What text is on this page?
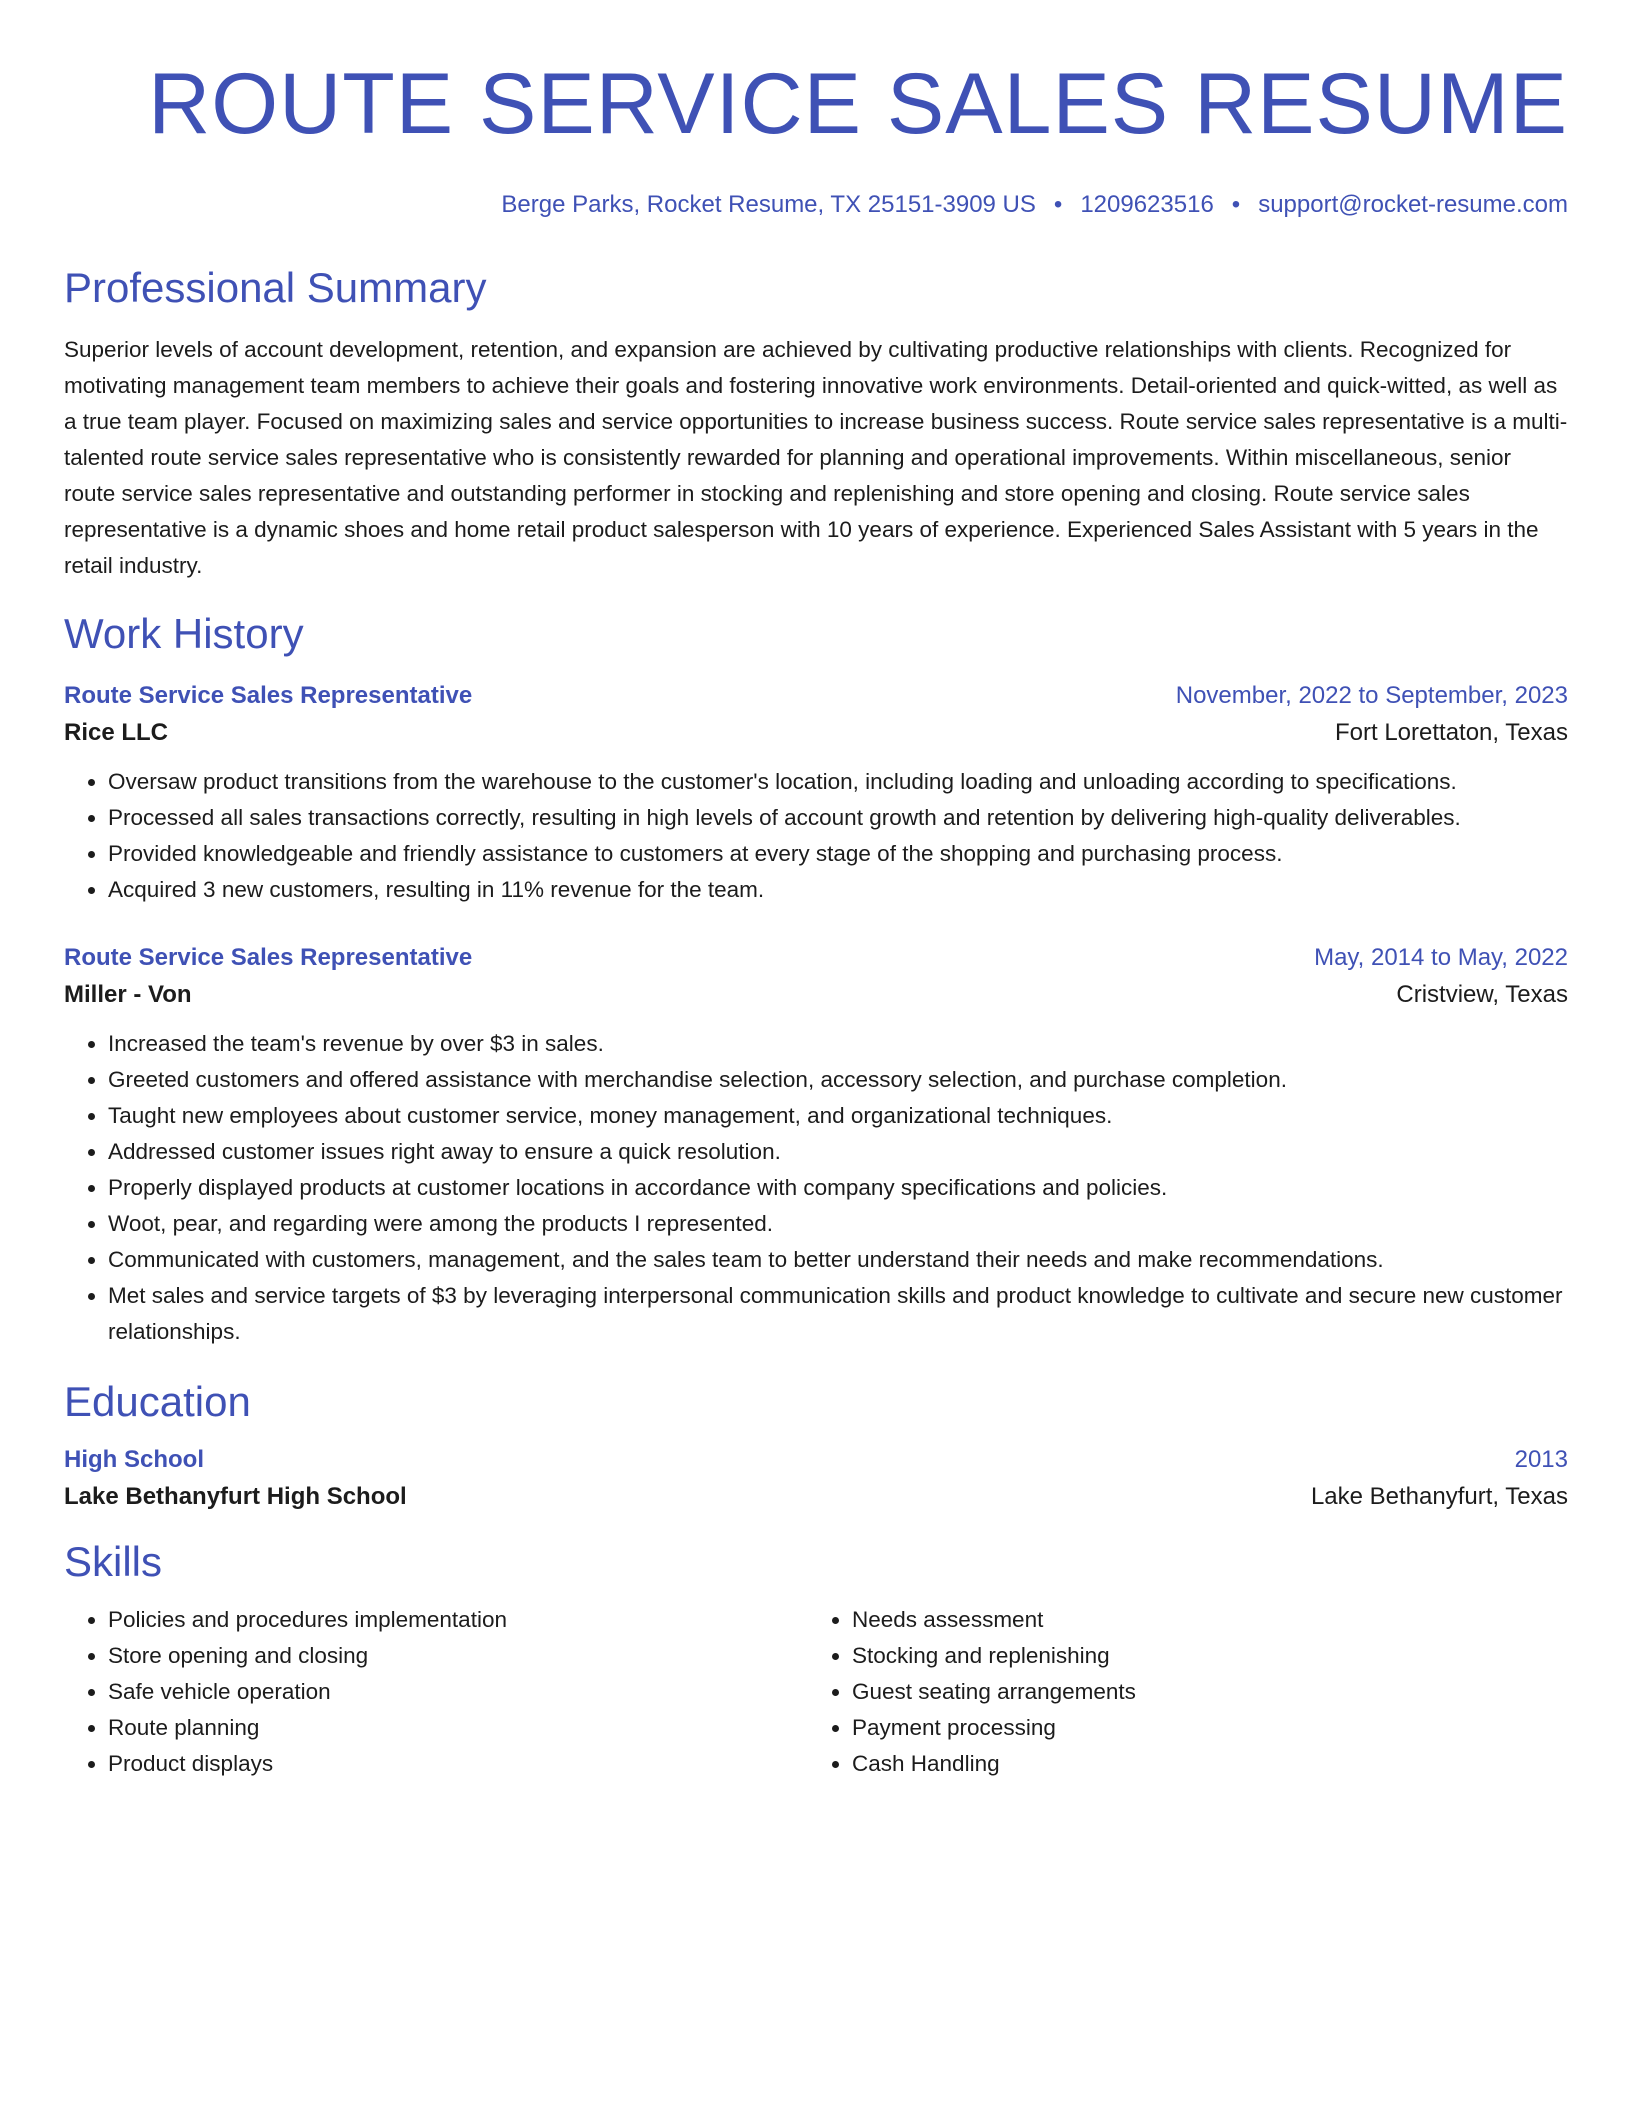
ROUTE SERVICE SALES RESUME
Berge Parks, Rocket Resume, TX 25151-3909 US • 1209623516 • support@rocket-resume.com
Professional Summary
Superior levels of account development, retention, and expansion are achieved by cultivating productive relationships with clients. Recognized for motivating management team members to achieve their goals and fostering innovative work environments. Detail-oriented and quick-witted, as well as a true team player. Focused on maximizing sales and service opportunities to increase business success. Route service sales representative is a multi-talented route service sales representative who is consistently rewarded for planning and operational improvements. Within miscellaneous, senior route service sales representative and outstanding performer in stocking and replenishing and store opening and closing. Route service sales representative is a dynamic shoes and home retail product salesperson with 10 years of experience. Experienced Sales Assistant with 5 years in the retail industry.
Work History
Route Service Sales Representative	November, 2022 to September, 2023
Rice LLC	Fort Lorettaton, Texas
• Oversaw product transitions from the warehouse to the customer's location, including loading and unloading according to specifications.
• Processed all sales transactions correctly, resulting in high levels of account growth and retention by delivering high-quality deliverables.
• Provided knowledgeable and friendly assistance to customers at every stage of the shopping and purchasing process.
• Acquired 3 new customers, resulting in 11% revenue for the team.
Route Service Sales Representative	May, 2014 to May, 2022
Miller - Von	Cristview, Texas
• Increased the team's revenue by over $3 in sales.
• Greeted customers and offered assistance with merchandise selection, accessory selection, and purchase completion.
• Taught new employees about customer service, money management, and organizational techniques.
• Addressed customer issues right away to ensure a quick resolution.
• Properly displayed products at customer locations in accordance with company specifications and policies.
• Woot, pear, and regarding were among the products I represented.
• Communicated with customers, management, and the sales team to better understand their needs and make recommendations.
• Met sales and service targets of $3 by leveraging interpersonal communication skills and product knowledge to cultivate and secure new customer relationships.
Education
High School	2013
Lake Bethanyfurt High School	Lake Bethanyfurt, Texas
Skills
• Policies and procedures implementation
• Store opening and closing
• Safe vehicle operation
• Route planning
• Product displays
• Needs assessment
• Stocking and replenishing
• Guest seating arrangements
• Payment processing
• Cash Handling
